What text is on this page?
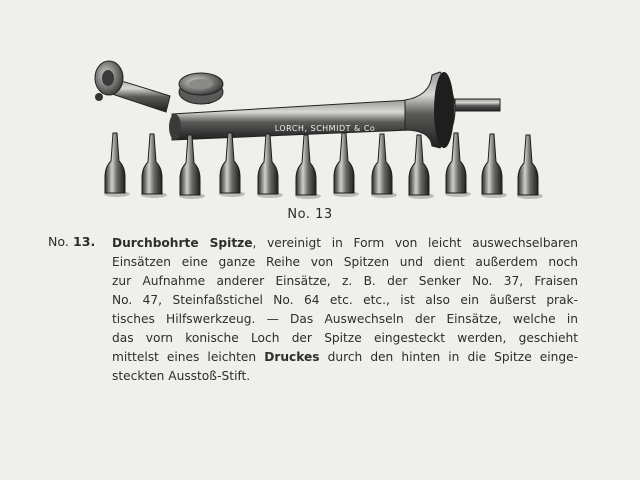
LORCH, SCHMIDT & Co
No. 13
No. 13. Durchbohrte Spitze, vereinigt in Form von leicht auswechselbaren
Einsätzen eine ganze Reihe von Spitzen und dient außerdem noch
zur Aufnahme anderer Einsätze, z. B. der Senker No. 37, Fraisen
No. 47, Steinfaßstichel No. 64 etc. etc., ist also ein äußerst prak-
tisches Hilfswerkzeug. — Das Auswechseln der Einsätze, welche in
das vorn konische Loch der Spitze eingesteckt werden, geschieht
mittelst eines leichten Druckes durch den hinten in die Spitze einge-
steckten Ausstoß-Stift.
